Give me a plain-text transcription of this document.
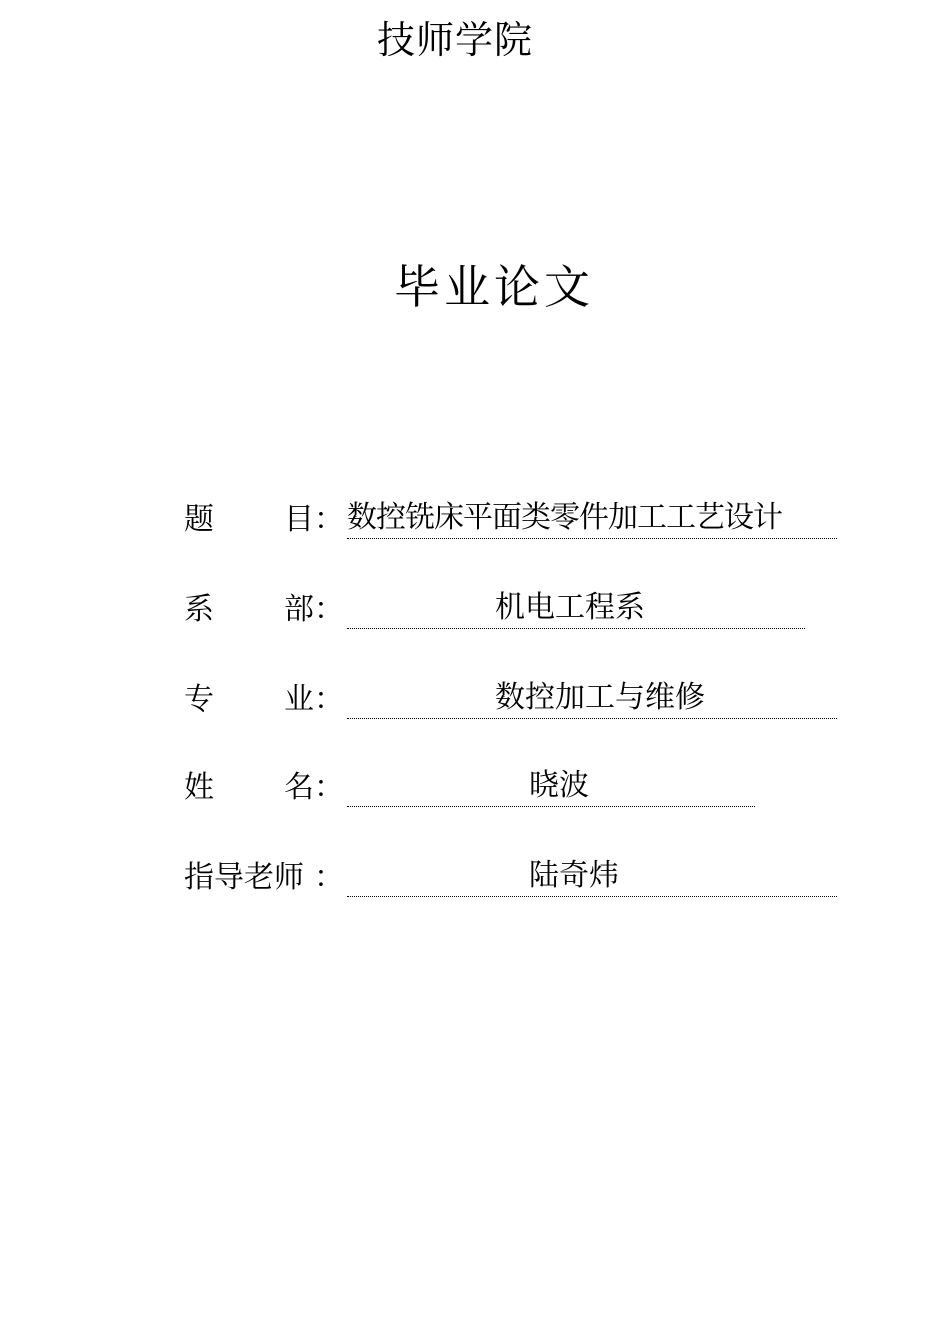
技师学院
毕业论文
题 目 ： 数控铣床平面类零件加工工艺设计
系 部 ：	机电工程系
专 业 ：	数控加工与维修
姓 名 ：	晓波
指导老师 ：	陆奇炜
